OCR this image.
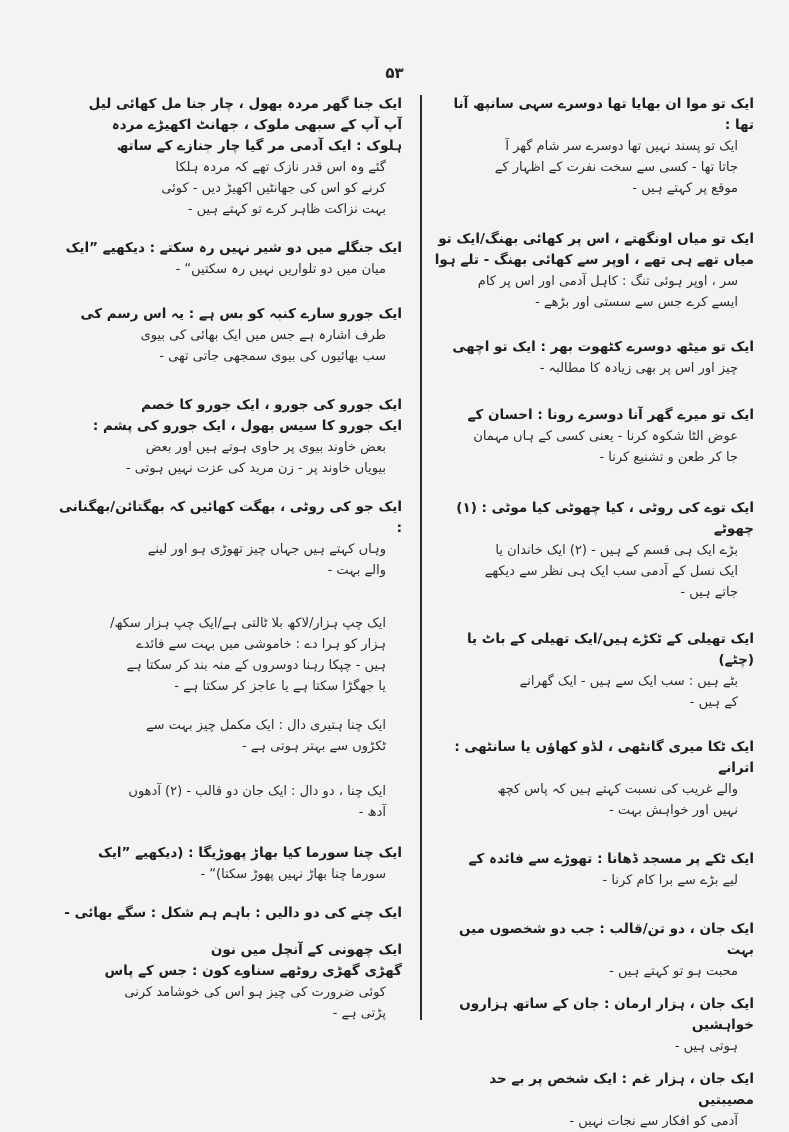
۵۳

ایک تو موا ان بھایا تھا دوسرے سہی سانپھ آنا تھا :

ایک تو پسند نہیں تھا دوسرے سر شام گھر آ

جاتا تھا - کسی سے سخت نفرت کے اظہار کے

موقع پر کہتے ہیں -

ایک تو میاں اونگھتے ، اس پر کھائی بھنگ/ایک تو

میاں تھے ہی تھے ، اوپر سے کھائی بھنگ - تلے ہوا

سر ، اوپر ہوئی تنگ : کاہل آدمی اور اس پر کام

ایسے کرے جس سے سستی اور بڑھے -

ایک تو میٹھ دوسرے کٹھوت بھر : ایک تو اچھی

چیز اور اس پر بھی زیادہ کا مطالبہ -

ایک تو میرے گھر آنا دوسرے رونا : احسان کے

عوض الٹا شکوہ کرنا - یعنی کسی کے ہاں مہمان

جا کر طعن و تشنیع کرنا -

ایک توے کی روٹی ، کیا چھوٹی کیا موٹی : (۱) چھوٹے

بڑے ایک ہی قسم کے ہیں - (۲) ایک خاندان یا

ایک نسل کے آدمی سب ایک ہی نظر سے دیکھے

جاتے ہیں -

ایک تھیلی کے ٹکڑے ہیں/ایک تھیلی کے باٹ یا (چٹے)

بٹے ہیں : سب ایک سے ہیں - ایک گھرانے

کے ہیں -

ایک ٹکا میری گانٹھی ، لڈو کھاؤں یا سانٹھی : اترانے

والے غریب کی نسبت کہتے ہیں کہ پاس کچھ

نہیں اور خواہش بہت -

ایک ٹکے پر مسجد ڈھانا : تھوڑے سے فائدہ کے

لیے بڑے سے برا کام کرنا -

ایک جان ، دو تن/قالب : جب دو شخصوں میں بہت

محبت ہو تو کہتے ہیں -

ایک جان ، ہزار ارمان : جان کے ساتھ ہزاروں خواہشیں

ہوتی ہیں -

ایک جان ، ہزار غم : ایک شخص پر بے حد مصیبتیں

آدمی کو افکار سے نجات نہیں -

ایک جنا گھر مردہ بھول ، چار جنا مل کھائی لیل

آپ آپ کے سبھی ملوک ، جھانٹ اکھیڑے مردہ

ہلوک : ایک آدمی مر گیا چار جنازے کے ساتھ

گئے وہ اس قدر نازک تھے کہ مردہ ہلکا

کرنے کو اس کی جھانٹیں اکھیڑ دیں - کوئی

بہت نزاکت ظاہر کرے تو کہتے ہیں -

ایک جنگلے میں دو شیر نہیں رہ سکتے : دیکھیے ”ایک

میان میں دو تلواریں نہیں رہ سکتیں“ -

ایک جورو سارے کنبہ کو بس ہے : یہ اس رسم کی

طرف اشارہ ہے جس میں ایک بھائی کی بیوی

سب بھائیوں کی بیوی سمجھی جاتی تھی -

ایک جورو کی جورو ، ایک جورو کا خصم

ایک جورو کا سیس بھول ، ایک جورو کی پشم :

بعض خاوند بیوی پر حاوی ہوتے ہیں اور بعض

بیویاں خاوند پر - زن مرید کی عزت نہیں ہوتی -

ایک جو کی روٹی ، بھگت کھائیں کہ بھگتائن/بھگنانی :

وہاں کہتے ہیں جہاں چیز تھوڑی ہو اور لینے

والے بہت -

ایک چپ ہزار/لاکھ بلا ٹالتی ہے/ایک چپ ہزار سکھ/

ہزار کو ہرا دے : خاموشی میں بہت سے فائدے

ہیں - چپکا رہنا دوسروں کے منہ بند کر سکتا ہے

یا جھگڑا سکتا ہے یا عاجز کر سکتا ہے -

ایک چنا ہتیری دال : ایک مکمل چیز بہت سے

ٹکڑوں سے بہتر ہوتی ہے -

ایک چنا ، دو دال : ایک جان دو قالب - (۲) آدھوں

آدھ -

ایک چنا سورما کیا بھاڑ پھوڑیگا : (دیکھیے ”ایک

سورما چنا بھاڑ نہیں پھوڑ سکتا)“ -

ایک چنے کی دو دالیں : باہم ہم شکل : سگے بھائی -

ایک چھونی کے آنچل میں نون

گھڑی گھڑی روٹھے سناوے کون : جس کے پاس

کوئی ضرورت کی چیز ہو اس کی خوشامد کرنی

پڑتی ہے -
